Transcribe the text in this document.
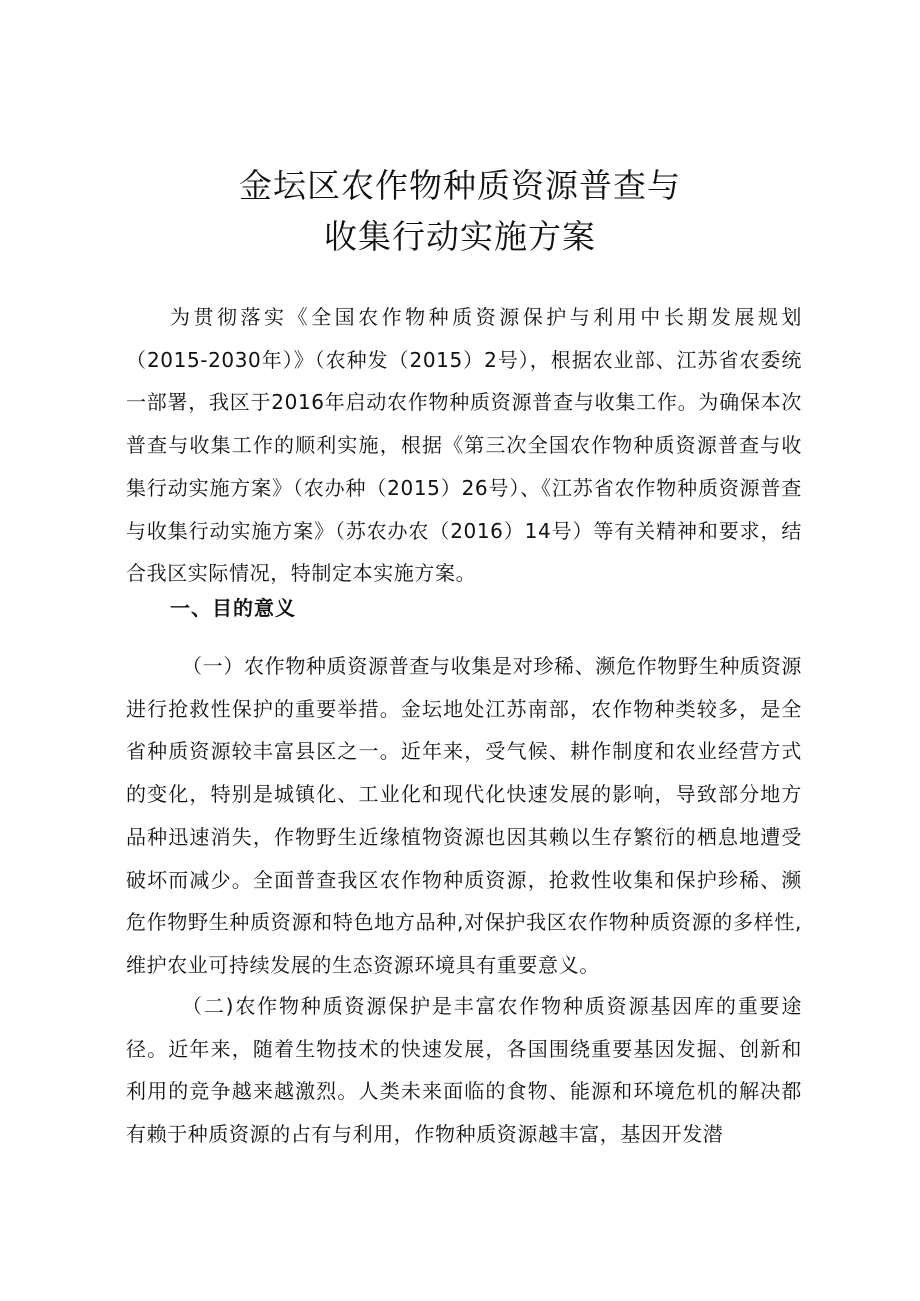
金坛区农作物种质资源普查与
收集行动实施方案

为贯彻落实《全国农作物种质资源保护与利用中长期发展规划（2015-2030年）》（农种发（2015）2号），根据农业部、江苏省农委统一部署，我区于2016年启动农作物种质资源普查与收集工作。为确保本次普查与收集工作的顺利实施，根据《第三次全国农作物种质资源普查与收集行动实施方案》（农办种（2015）26号）、《江苏省农作物种质资源普查与收集行动实施方案》（苏农办农（2016）14号）等有关精神和要求，结合我区实际情况，特制定本实施方案。

一、目的意义

（一）农作物种质资源普查与收集是对珍稀、濒危作物野生种质资源进行抢救性保护的重要举措。金坛地处江苏南部，农作物种类较多，是全省种质资源较丰富县区之一。近年来，受气候、耕作制度和农业经营方式的变化，特别是城镇化、工业化和现代化快速发展的影响，导致部分地方品种迅速消失，作物野生近缘植物资源也因其赖以生存繁衍的栖息地遭受破坏而减少。全面普查我区农作物种质资源，抢救性收集和保护珍稀、濒危作物野生种质资源和特色地方品种,对保护我区农作物种质资源的多样性,维护农业可持续发展的生态资源环境具有重要意义。

（二)农作物种质资源保护是丰富农作物种质资源基因库的重要途径。近年来，随着生物技术的快速发展，各国围绕重要基因发掘、创新和利用的竞争越来越激烈。人类未来面临的食物、能源和环境危机的解决都有赖于种质资源的占有与利用，作物种质资源越丰富，基因开发潜
